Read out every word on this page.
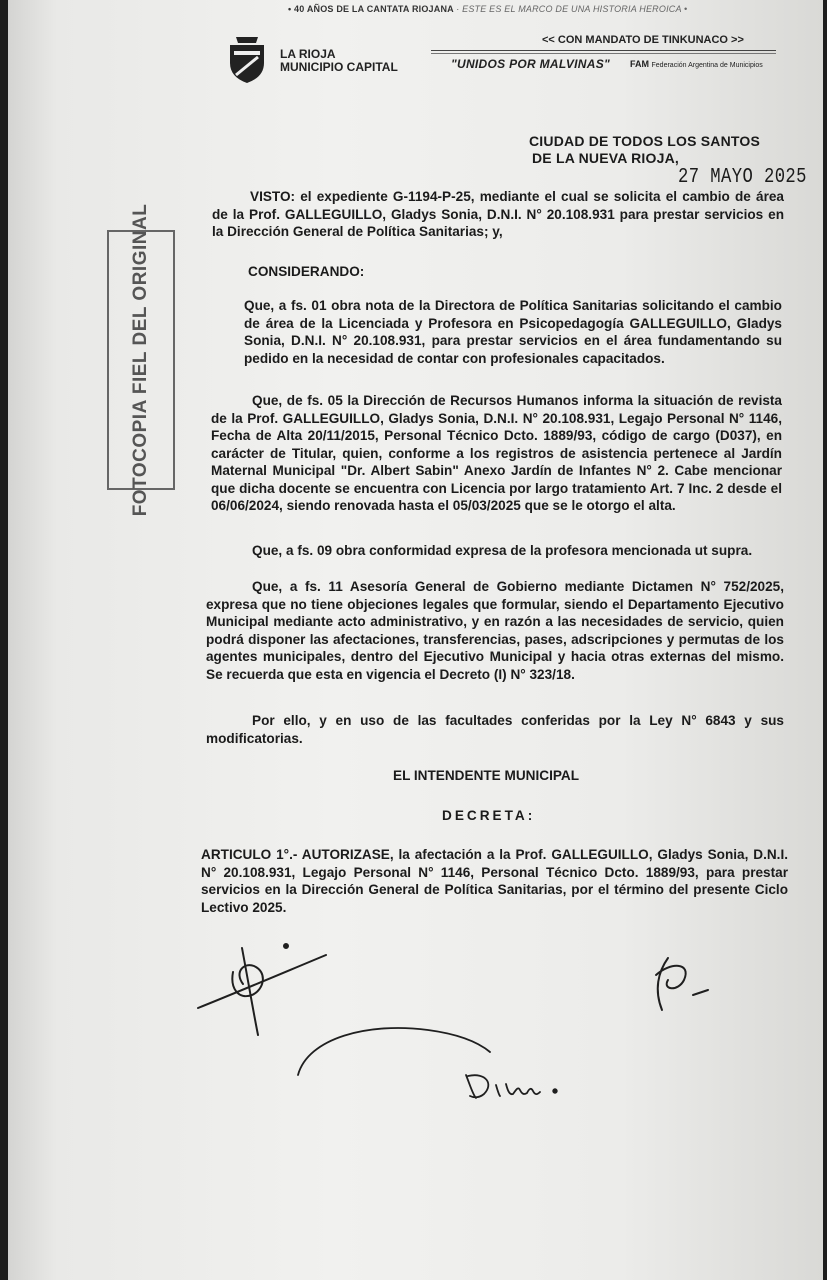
• 40 AÑOS DE LA CANTATA RIOJANA · ESTE ES EL MARCO DE UNA HISTORIA HEROICA •
LA RIOJA
MUNICIPIO CAPITAL
<< CON MANDATO DE TINKUNACO >>
"UNIDOS POR MALVINAS" FAM Federación Argentina de Municipios
CIUDAD DE TODOS LOS SANTOS
DE LA NUEVA RIOJA,
27 MAYO 2025
FOTOCOPIA FIEL DEL ORIGINAL
VISTO: el expediente G-1194-P-25, mediante el cual se solicita el cambio de área de la Prof. GALLEGUILLO, Gladys Sonia, D.N.I. N° 20.108.931 para prestar servicios en la Dirección General de Política Sanitarias; y,
CONSIDERANDO:
Que, a fs. 01 obra nota de la Directora de Política Sanitarias solicitando el cambio de área de la Licenciada y Profesora en Psicopedagogía GALLEGUILLO, Gladys Sonia, D.N.I. N° 20.108.931, para prestar servicios en el área fundamentando su pedido en la necesidad de contar con profesionales capacitados.
Que, de fs. 05 la Dirección de Recursos Humanos informa la situación de revista de la Prof. GALLEGUILLO, Gladys Sonia, D.N.I. N° 20.108.931, Legajo Personal N° 1146, Fecha de Alta 20/11/2015, Personal Técnico Dcto. 1889/93, código de cargo (D037), en carácter de Titular, quien, conforme a los registros de asistencia pertenece al Jardín Maternal Municipal "Dr. Albert Sabin" Anexo Jardín de Infantes N° 2. Cabe mencionar que dicha docente se encuentra con Licencia por largo tratamiento Art. 7 Inc. 2 desde el 06/06/2024, siendo renovada hasta el 05/03/2025 que se le otorgo el alta.
Que, a fs. 09 obra conformidad expresa de la profesora mencionada ut supra.
Que, a fs. 11 Asesoría General de Gobierno mediante Dictamen N° 752/2025, expresa que no tiene objeciones legales que formular, siendo el Departamento Ejecutivo Municipal mediante acto administrativo, y en razón a las necesidades de servicio, quien podrá disponer las afectaciones, transferencias, pases, adscripciones y permutas de los agentes municipales, dentro del Ejecutivo Municipal y hacia otras externas del mismo. Se recuerda que esta en vigencia el Decreto (I) N° 323/18.
Por ello, y en uso de las facultades conferidas por la Ley N° 6843 y sus modificatorias.
EL INTENDENTE MUNICIPAL
DECRETA:
ARTICULO 1°.- AUTORIZASE, la afectación a la Prof. GALLEGUILLO, Gladys Sonia, D.N.I. N° 20.108.931, Legajo Personal N° 1146, Personal Técnico Dcto. 1889/93, para prestar servicios en la Dirección General de Política Sanitarias, por el término del presente Ciclo Lectivo 2025.
